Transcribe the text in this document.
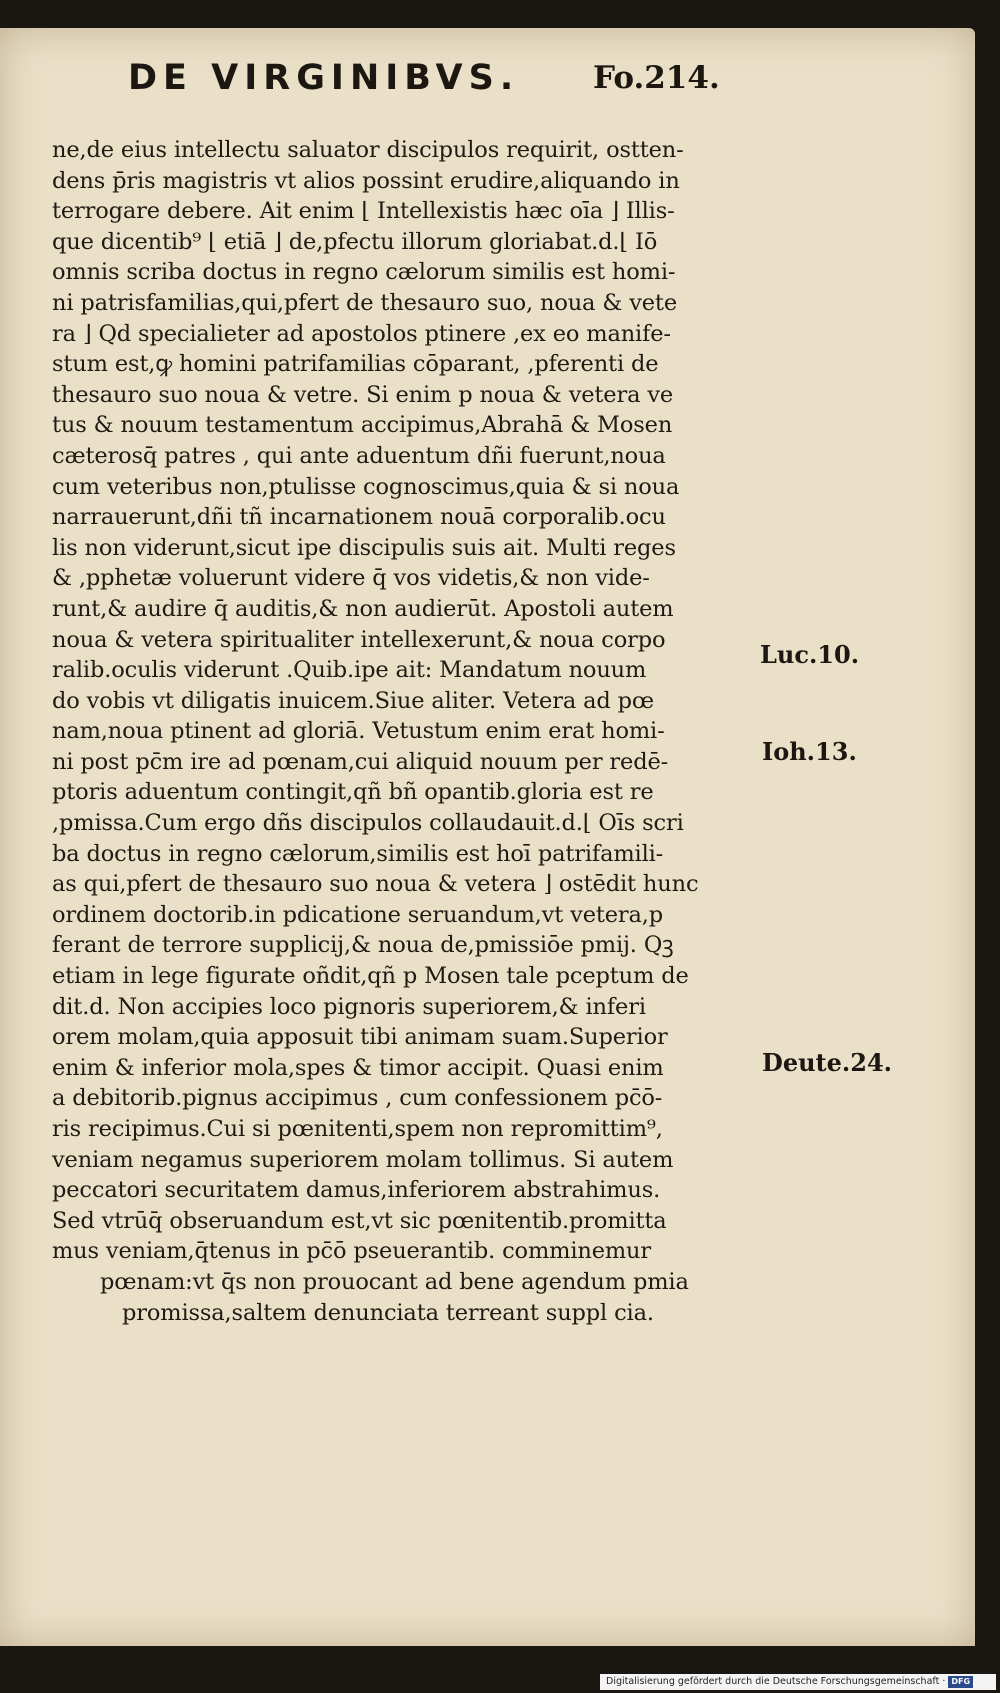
DE VIRGINIBVS.	Fo.214.
ne,de eius intellectu saluator discipulos requirit, ostten-
dens p̄ris magistris vt alios possint erudire,aliquando in
terrogare debere. Ait enim ⌊ Intellexistis hæc oīa ⌋ Illis-
que dicentib⁹ ⌊ etiā ⌋ de,pfectu illorum gloriabat.d.⌊ Iō
omnis scriba doctus in regno cælorum similis est homi-
ni patrisfamilias,qui,pfert de thesauro suo, noua & vete
ra ⌋ Qd specialieter ad apostolos ptinere ,ex eo manife-
stum est,ꝙ homini patrifamilias cōparant, ,pferenti de
thesauro suo noua & vetre. Si enim p noua & vetera ve
tus & nouum testamentum accipimus,Abrahā & Mosen
cæterosq̄ patres , qui ante aduentum dñi fuerunt,noua
cum veteribus non,ptulisse cognoscimus,quia & si noua
narrauerunt,dñi tñ incarnationem nouā corporalib.ocu
lis non viderunt,sicut ipe discipulis suis ait. Multi reges
& ,pphetæ voluerunt videre q̄ vos videtis,& non vide-
runt,& audire q̄ auditis,& non audierūt. Apostoli autem
noua & vetera spiritualiter intellexerunt,& noua corpo
ralib.oculis viderunt .Quib.ipe ait: Mandatum nouum
do vobis vt diligatis inuicem.Siue aliter. Vetera ad pœ
nam,noua ptinent ad gloriā. Vetustum enim erat homi-
ni post pc̄m ire ad pœnam,cui aliquid nouum per redē-
ptoris aduentum contingit,qñ bñ opantib.gloria est re
,pmissa.Cum ergo dñs discipulos collaudauit.d.⌊ Oīs scri
ba doctus in regno cælorum,similis est hoī patrifamili-
as qui,pfert de thesauro suo noua & vetera ⌋ ostēdit hunc
ordinem doctorib.in pdicatione seruandum,vt vetera,p
ferant de terrore supplicij,& noua de,pmissiōe pmij. Qꝫ
etiam in lege figurate oñdit,qñ p Mosen tale pceptum de
dit.d. Non accipies loco pignoris superiorem,& inferi
orem molam,quia apposuit tibi animam suam.Superior
enim & inferior mola,spes & timor accipit. Quasi enim
a debitorib.pignus accipimus , cum confessionem pc̄ō-
ris recipimus.Cui si pœnitenti,spem non repromittim⁹,
veniam negamus superiorem molam tollimus. Si autem
peccatori securitatem damus,inferiorem abstrahimus.
Sed vtrūq̄ obseruandum est,vt sic pœnitentib.promitta
mus veniam,q̄tenus in pc̄ō pseuerantib. comminemur
pœnam:vt q̄s non prouocant ad bene agendum pmia
promissa,saltem denunciata terreant suppl cia.
Luc.10.
Ioh.13.
Deute.24.
Digitalisierung gefördert durch die Deutsche Forschungsgemeinschaft · DFG
